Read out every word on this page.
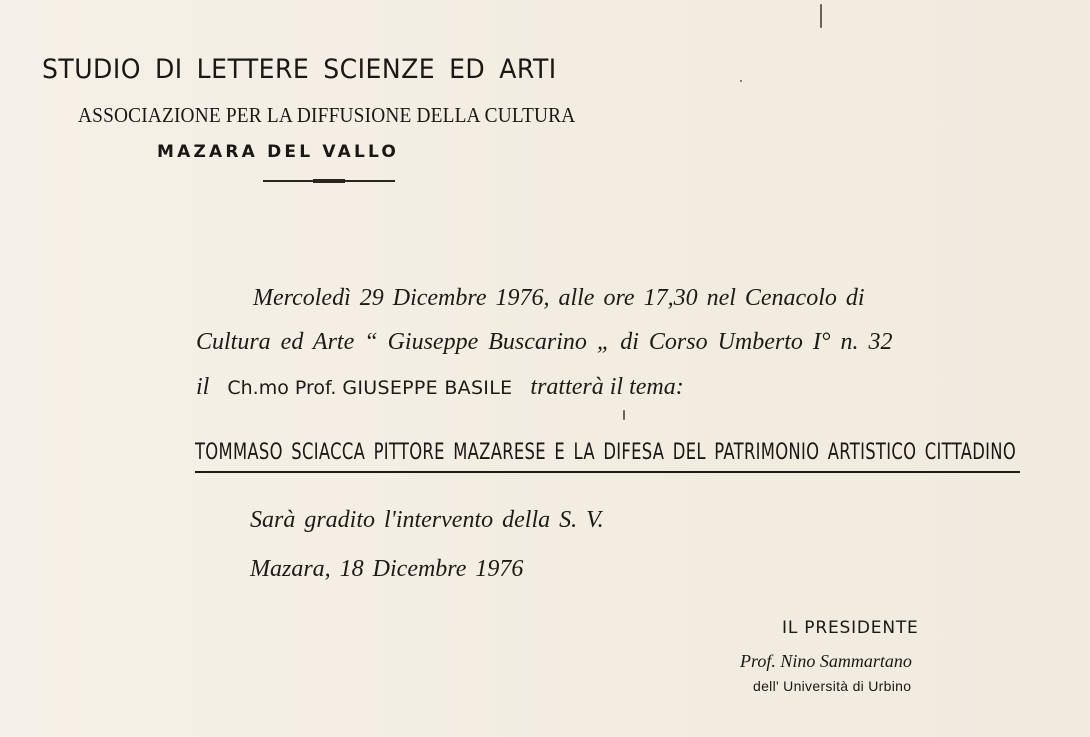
STUDIO DI LETTERE SCIENZE ED ARTI
ASSOCIAZIONE PER LA DIFFUSIONE DELLA CULTURA
MAZARA DEL VALLO
Mercoledì 29 Dicembre 1976, alle ore 17,30 nel Cenacolo di
Cultura ed Arte “ Giuseppe Buscarino „ di Corso Umberto I° n. 32
il Ch.mo Prof. GIUSEPPE BASILE tratterà il tema:
TOMMASO SCIACCA PITTORE MAZARESE E LA DIFESA DEL PATRIMONIO ARTISTICO CITTADINO
Sarà gradito l'intervento della S. V.
Mazara, 18 Dicembre 1976
IL PRESIDENTE
Prof. Nino Sammartano
dell' Università di Urbino
